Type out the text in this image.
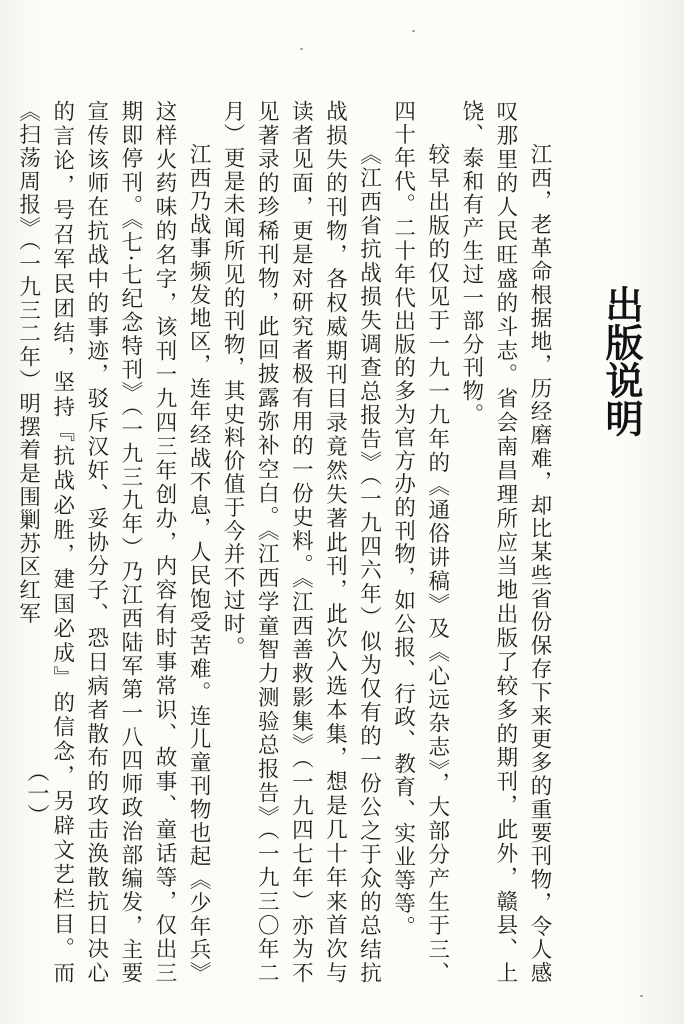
出版说明

江西，老革命根据地，历经磨难，却比某些省份保存下来更多的重要刊物，令人感叹那里的人民旺盛的斗志。省会南昌理所应当地出版了较多的期刊，此外，赣县、上饶、泰和有产生过一部分刊物。

较早出版的仅见于一九一九年的《通俗讲稿》及《心远杂志》，大部分产生于三、四十年代。二十年代出版的多为官方办的刊物，如公报、行政、教育、实业等等。

《江西省抗战损失调查总报告》（一九四六年）似为仅有的一份公之于众的总结抗战损失的刊物，各权威期刊目录竟然失著此刊，此次入选本集，想是几十年来首次与读者见面，更是对研究者极有用的一份史料。《江西善救影集》（一九四七年）亦为不见著录的珍稀刊物，此回披露弥补空白。《江西学童智力测验总报告》（一九三〇年二月）更是未闻所见的刊物，其史料价值于今并不过时。

江西乃战事频发地区，连年经战不息，人民饱受苦难。连儿童刊物也起《少年兵》这样火药味的名字，该刊一九四三年创办，内容有时事常识、故事、童话等，仅出三期即停刊。《七·七纪念特刊》（一九三九年）乃江西陆军第一八四师政治部编发，主要宣传该师在抗战中的事迹，驳斥汉奸、妥协分子、恐日病者散布的攻击涣散抗日决心的言论，号召军民团结，坚持『抗战必胜，建国必成』的信念，另辟文艺栏目。而《扫荡周报》（一九三二年）明摆着是围剿苏区红军

（一）
